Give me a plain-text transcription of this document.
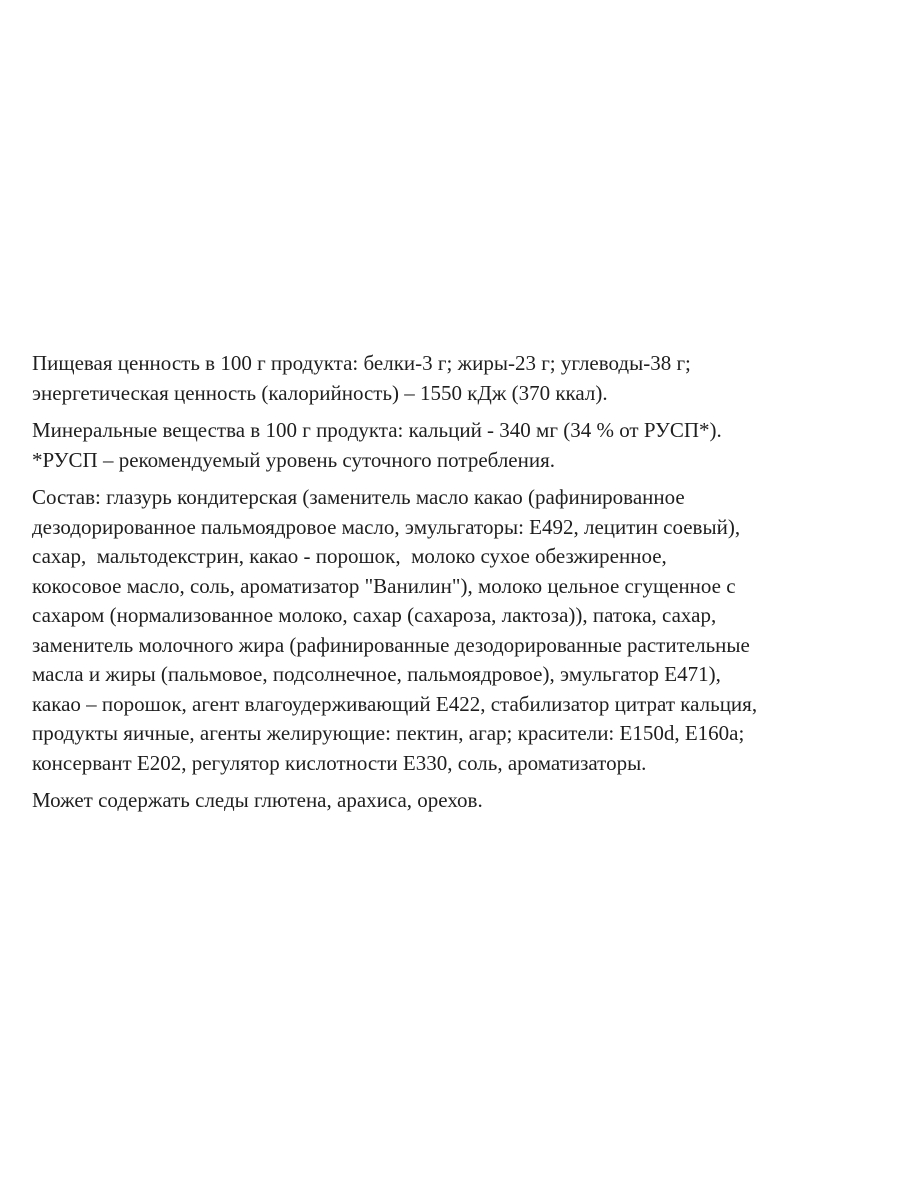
Пищевая ценность в 100 г продукта: белки-3 г; жиры-23 г; углеводы-38 г;
энергетическая ценность (калорийность) – 1550 кДж (370 ккал).

Минеральные вещества в 100 г продукта: кальций - 340 мг (34 % от РУСП*).
*РУСП – рекомендуемый уровень суточного потребления.

Состав: глазурь кондитерская (заменитель масло какао (рафинированное
дезодорированное пальмоядровое масло, эмульгаторы: Е492, лецитин соевый),
сахар,  мальтодекстрин, какао - порошок,  молоко сухое обезжиренное,
кокосовое масло, соль, ароматизатор "Ванилин"), молоко цельное сгущенное с
сахаром (нормализованное молоко, сахар (сахароза, лактоза)), патока, сахар,
заменитель молочного жира (рафинированные дезодорированные растительные
масла и жиры (пальмовое, подсолнечное, пальмоядровое), эмульгатор Е471),
какао – порошок, агент влагоудерживающий Е422, стабилизатор цитрат кальция,
продукты яичные, агенты желирующие: пектин, агар; красители: Е150d, Е160a;
консервант Е202, регулятор кислотности Е330, соль, ароматизаторы.

Может содержать следы глютена, арахиса, орехов.
